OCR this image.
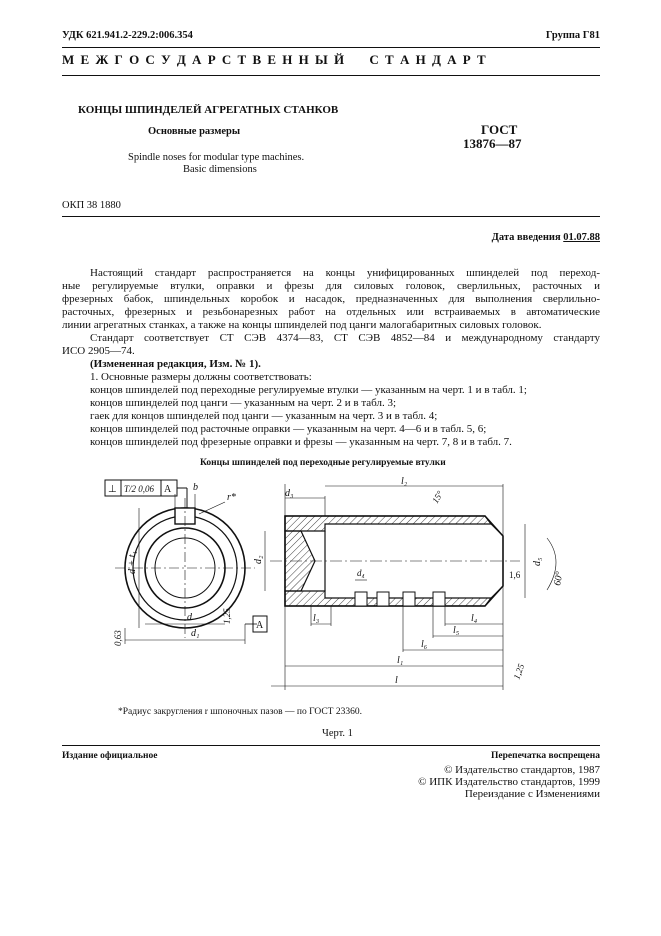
УДК 621.941.2-229.2:006.354	Группа Г81
М Е Ж Г О С У Д А Р С Т В Е Н Н Ы Й     С Т А Н Д А Р Т
КОНЦЫ ШПИНДЕЛЕЙ АГРЕГАТНЫХ СТАНКОВ
Основные размеры
Spindle noses for modular type machines.
Basic dimensions
ГОСТ
13876—87
ОКП 38 1880
Дата введения 01.07.88

Настоящий стандарт распространяется на концы унифицированных шпинделей под переход-

ные регулируемые втулки, оправки и фрезы для силовых головок, сверлильных, расточных и

фрезерных бабок, шпиндельных коробок и насадок, предназначенных для выполнения сверлильно-

расточных, фрезерных и резьбонарезных работ на отдельных или встраиваемых в автоматические

линии агрегатных станках, а также на концы шпинделей под цанги малогабаритных силовых головок.

Стандарт соответствует СТ СЭВ 4374—83, СТ СЭВ 4852—84 и международному стандарту

ИСО 2905—74.
(Измененная редакция, Изм. № 1).
1. Основные размеры должны соответствовать:
концов шпинделей под переходные регулируемые втулки — указанным на черт. 1 и в табл. 1;
концов шпинделей под цанги — указанным на черт. 2 и в табл. 3;
гаек для концов шпинделей под цанги — указанным на черт. 3 и в табл. 4;
концов шпинделей под расточные оправки — указанным на черт. 4—6 и в табл. 5, 6;
концов шпинделей под фрезерные оправки и фрезы — указанным на черт. 7, 8 и в табл. 7.
Концы шпинделей под переходные регулируемые втулки
⊥ T/2 0,06 A b
r*
d + t₁
0,63
1,25
d
d₁
A
d₃
l₂
15°
d₂	d₅
60°
1,6
d₄
l₃	l₄
l₅
l₆
l₁
l	1,25
*Радиус закругления r шпоночных пазов — по ГОСТ 23360.
Черт. 1
Издание официальное	Перепечатка воспрещена
© Издательство стандартов, 1987
© ИПК Издательство стандартов, 1999
Переиздание с Изменениями
